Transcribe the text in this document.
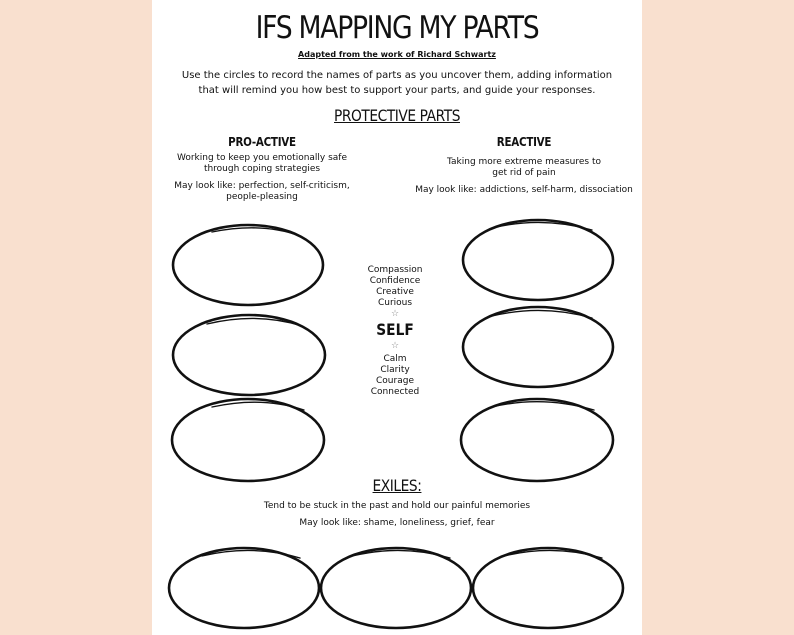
IFS MAPPING MY PARTS
Adapted from the work of Richard Schwartz
Use the circles to record the names of parts as you uncover them, adding information
that will remind you how best to support your parts, and guide your responses.
PROTECTIVE PARTS
PRO-ACTIVE
Working to keep you emotionally safe
through coping strategies
May look like: perfection, self-criticism,
people-pleasing
REACTIVE
Taking more extreme measures to
get rid of pain
May look like: addictions, self-harm, dissociation
Compassion
Confidence
Creative
Curious
☆
SELF
☆
Calm
Clarity
Courage
Connected
EXILES:
Tend to be stuck in the past and hold our painful memories
May look like: shame, loneliness, grief, fear
